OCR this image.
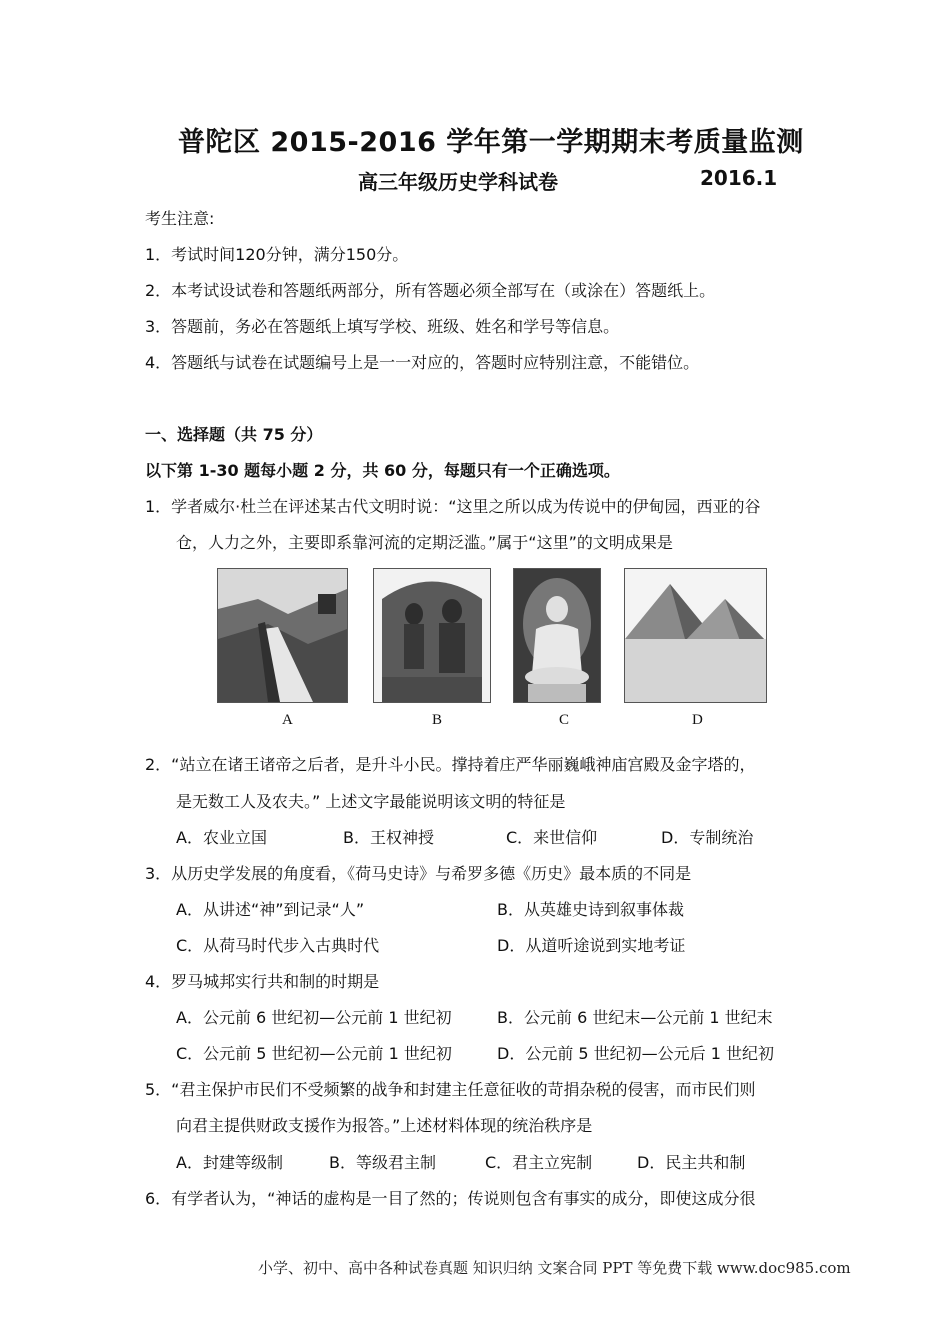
普陀区 2015-2016 学年第一学期期末考质量监测
高三年级历史学科试卷	2016.1
考生注意:
1．考试时间120分钟，满分150分。
2．本考试设试卷和答题纸两部分，所有答题必须全部写在（或涂在）答题纸上。
3．答题前，务必在答题纸上填写学校、班级、姓名和学号等信息。
4．答题纸与试卷在试题编号上是一一对应的，答题时应特别注意，不能错位。
一、选择题（共 75 分）
以下第 1-30 题每小题 2 分，共 60 分，每题只有一个正确选项。
1．学者威尔·杜兰在评述某古代文明时说：“这里之所以成为传说中的伊甸园，西亚的谷
仓，人力之外，主要即系靠河流的定期泛滥。”属于“这里”的文明成果是
A	B	C	D
2．“站立在诸王诸帝之后者，是升斗小民。撑持着庄严华丽巍峨神庙宫殿及金字塔的，
是无数工人及农夫。” 上述文字最能说明该文明的特征是
A．农业立国	B．王权神授	C．来世信仰	D．专制统治
3．从历史学发展的角度看，《荷马史诗》与希罗多德《历史》最本质的不同是
A．从讲述“神”到记录“人”	B．从英雄史诗到叙事体裁
C．从荷马时代步入古典时代	D．从道听途说到实地考证
4．罗马城邦实行共和制的时期是
A．公元前 6 世纪初—公元前 1 世纪初	B．公元前 6 世纪末—公元前 1 世纪末
C．公元前 5 世纪初—公元前 1 世纪初	D．公元前 5 世纪初—公元后 1 世纪初
5．“君主保护市民们不受频繁的战争和封建主任意征收的苛捐杂税的侵害，而市民们则
向君主提供财政支援作为报答。”上述材料体现的统治秩序是
A．封建等级制	B．等级君主制	C．君主立宪制	D．民主共和制
6．有学者认为，“神话的虚构是一目了然的；传说则包含有事实的成分，即使这成分很
小学、初中、高中各种试卷真题 知识归纳 文案合同 PPT 等免费下载 www.doc985.com
